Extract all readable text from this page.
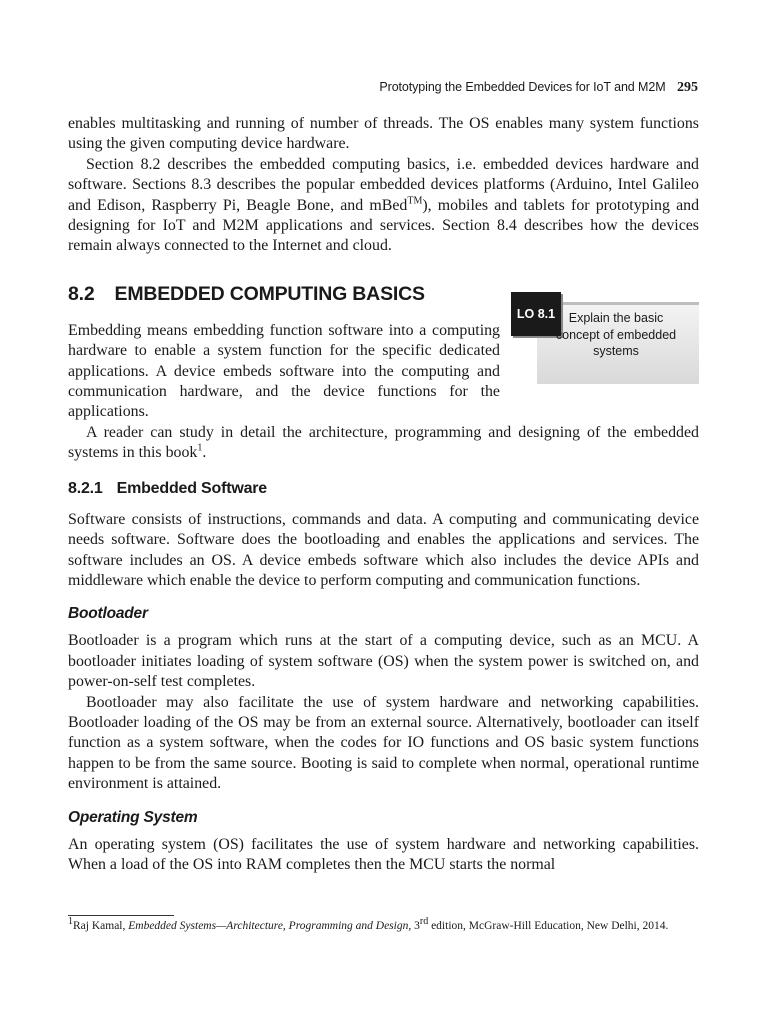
Prototyping the Embedded Devices for IoT and M2M 295
LO 8.1	Explain the basic concept of embedded systems

enables multitasking and running of number of threads. The OS enables many system functions using the given computing device hardware.

Section 8.2 describes the embedded computing basics, i.e. embedded devices hardware and software. Sections 8.3 describes the popular embedded devices platforms (Arduino, Intel Galileo and Edison, Raspberry Pi, Beagle Bone, and mBed™), mobiles and tablets for prototyping and designing for IoT and M2M applications and services. Section 8.4 describes how the devices remain always connected to the Internet and cloud.

8.2 EMBEDDED COMPUTING BASICS

Embedding means embedding function software into a computing hardware to enable a system function for the specific dedicated applications. A device embeds software into the computing and communication hardware, and the device functions for the applications.

A reader can study in detail the architecture, programming and designing of the embedded systems in this book$^1$.

8.2.1 Embedded Software

Software consists of instructions, commands and data. A computing and communicating device needs software. Software does the bootloading and enables the applications and services. The software includes an OS. A device embeds software which also includes the device APIs and middleware which enable the device to perform computing and communication functions.

Bootloader

Bootloader is a program which runs at the start of a computing device, such as an MCU. A bootloader initiates loading of system software (OS) when the system power is switched on, and power-on-self test completes.

Bootloader may also facilitate the use of system hardware and networking capabilities. Bootloader loading of the OS may be from an external source. Alternatively, bootloader can itself function as a system software, when the codes for IO functions and OS basic system functions happen to be from the same source. Booting is said to complete when normal, operational runtime environment is attained.

Operating System

An operating system (OS) facilitates the use of system hardware and networking capabilities. When a load of the OS into RAM completes then the MCU starts the normal

$^1$Raj Kamal, Embedded Systems—Architecture, Programming and Design, 3rd edition, McGraw-Hill Education, New Delhi, 2014.
